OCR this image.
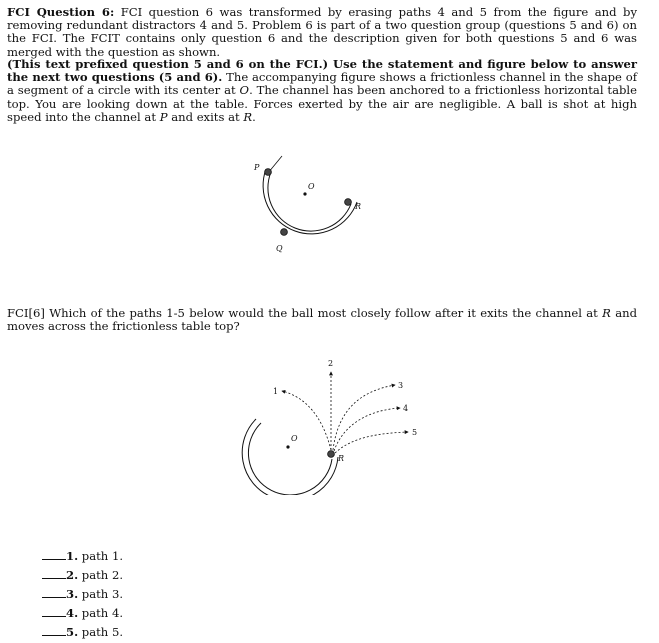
FCI Question 6: FCI question 6 was transformed by erasing paths 4 and 5 from the figure and by removing redundant distractors 4 and 5. Problem 6 is part of a two question group (questions 5 and 6) on the FCI. The FCIT contains only question 6 and the description given for both questions 5 and 6 was merged with the question as shown.
(This text prefixed question 5 and 6 on the FCI.) Use the statement and figure below to answer the next two questions (5 and 6). The accompanying figure shows a frictionless channel in the shape of a segment of a circle with its center at O. The channel has been anchored to a frictionless horizontal table top. You are looking down at the table. Forces exerted by the air are negligible. A ball is shot at high speed into the channel at P and exits at R.
P
O
R
Q
FCI[6] Which of the paths 1-5 below would the ball most closely follow after it exits the channel at R and moves across the frictionless table top?
O
R
1
2
3
4
5
1. path 1.
2. path 2.
3. path 3.
4. path 4.
5. path 5.
